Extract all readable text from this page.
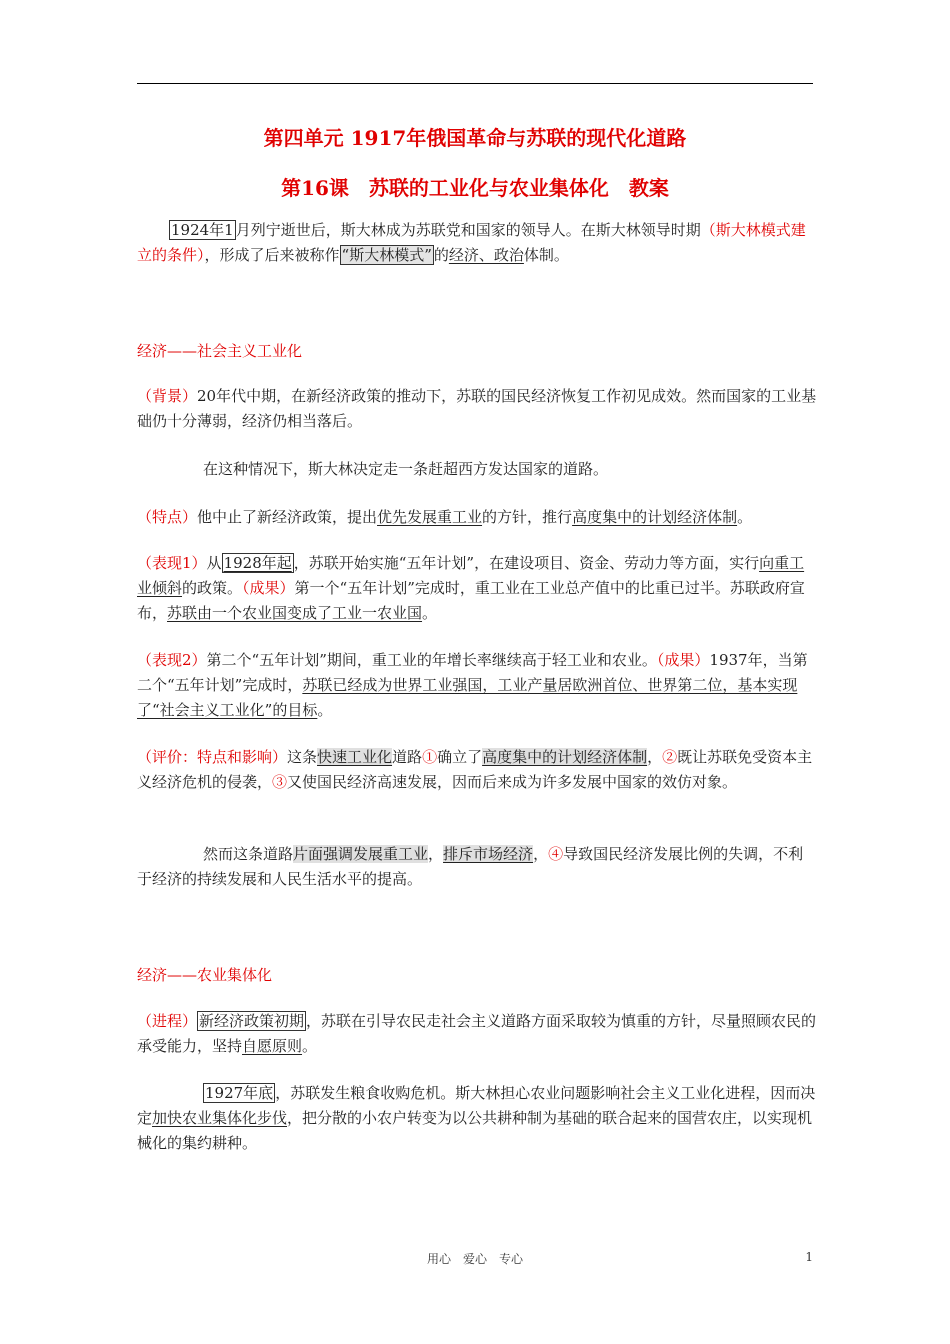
第四单元 1917年俄国革命与苏联的现代化道路
第16课　苏联的工业化与农业集体化　教案

1924年1 月列宁逝世后，斯大林成为苏联党和国家的领导人。在斯大林领导时期（斯大林模式建立的条件），形成了后来被称作 “斯大林模式” 的经济、政治体制。

经济——社会主义工业化

（背景）20年代中期，在新经济政策的推动下，苏联的国民经济恢复工作初见成效。然而国家的工业基础仍十分薄弱，经济仍相当落后。

在这种情况下，斯大林决定走一条赶超西方发达国家的道路。

（特点）他中止了新经济政策，提出优先发展重工业的方针，推行高度集中的计划经济体制。

（表现1）从 1928年起 ，苏联开始实施“五年计划”，在建设项目、资金、劳动力等方面，实行向重工业倾斜的政策。（成果）第一个“五年计划”完成时，重工业在工业总产值中的比重已过半。苏联政府宣布，苏联由一个农业国变成了工业一农业国。

（表现2）第二个“五年计划”期间，重工业的年增长率继续高于轻工业和农业。（成果）1937年，当第二个“五年计划”完成时，苏联已经成为世界工业强国，工业产量居欧洲首位、世界第二位，基本实现了“社会主义工业化”的目标。

（评价：特点和影响）这条快速工业化道路①确立了高度集中的计划经济体制，②既让苏联免受资本主义经济危机的侵袭，③又使国民经济高速发展，因而后来成为许多发展中国家的效仿对象。

然而这条道路片面强调发展重工业，排斥市场经济，④导致国民经济发展比例的失调，不利于经济的持续发展和人民生活水平的提高。

经济——农业集体化

（进程） 新经济政策初期 ，苏联在引导农民走社会主义道路方面采取较为慎重的方针，尽量照顾农民的承受能力，坚持自愿原则。

1927年底 ，苏联发生粮食收购危机。斯大林担心农业问题影响社会主义工业化进程，因而决定加快农业集体化步伐，把分散的小农户转变为以公共耕种制为基础的联合起来的国营农庄，以实现机械化的集约耕种。

用心　爱心　专心	1
